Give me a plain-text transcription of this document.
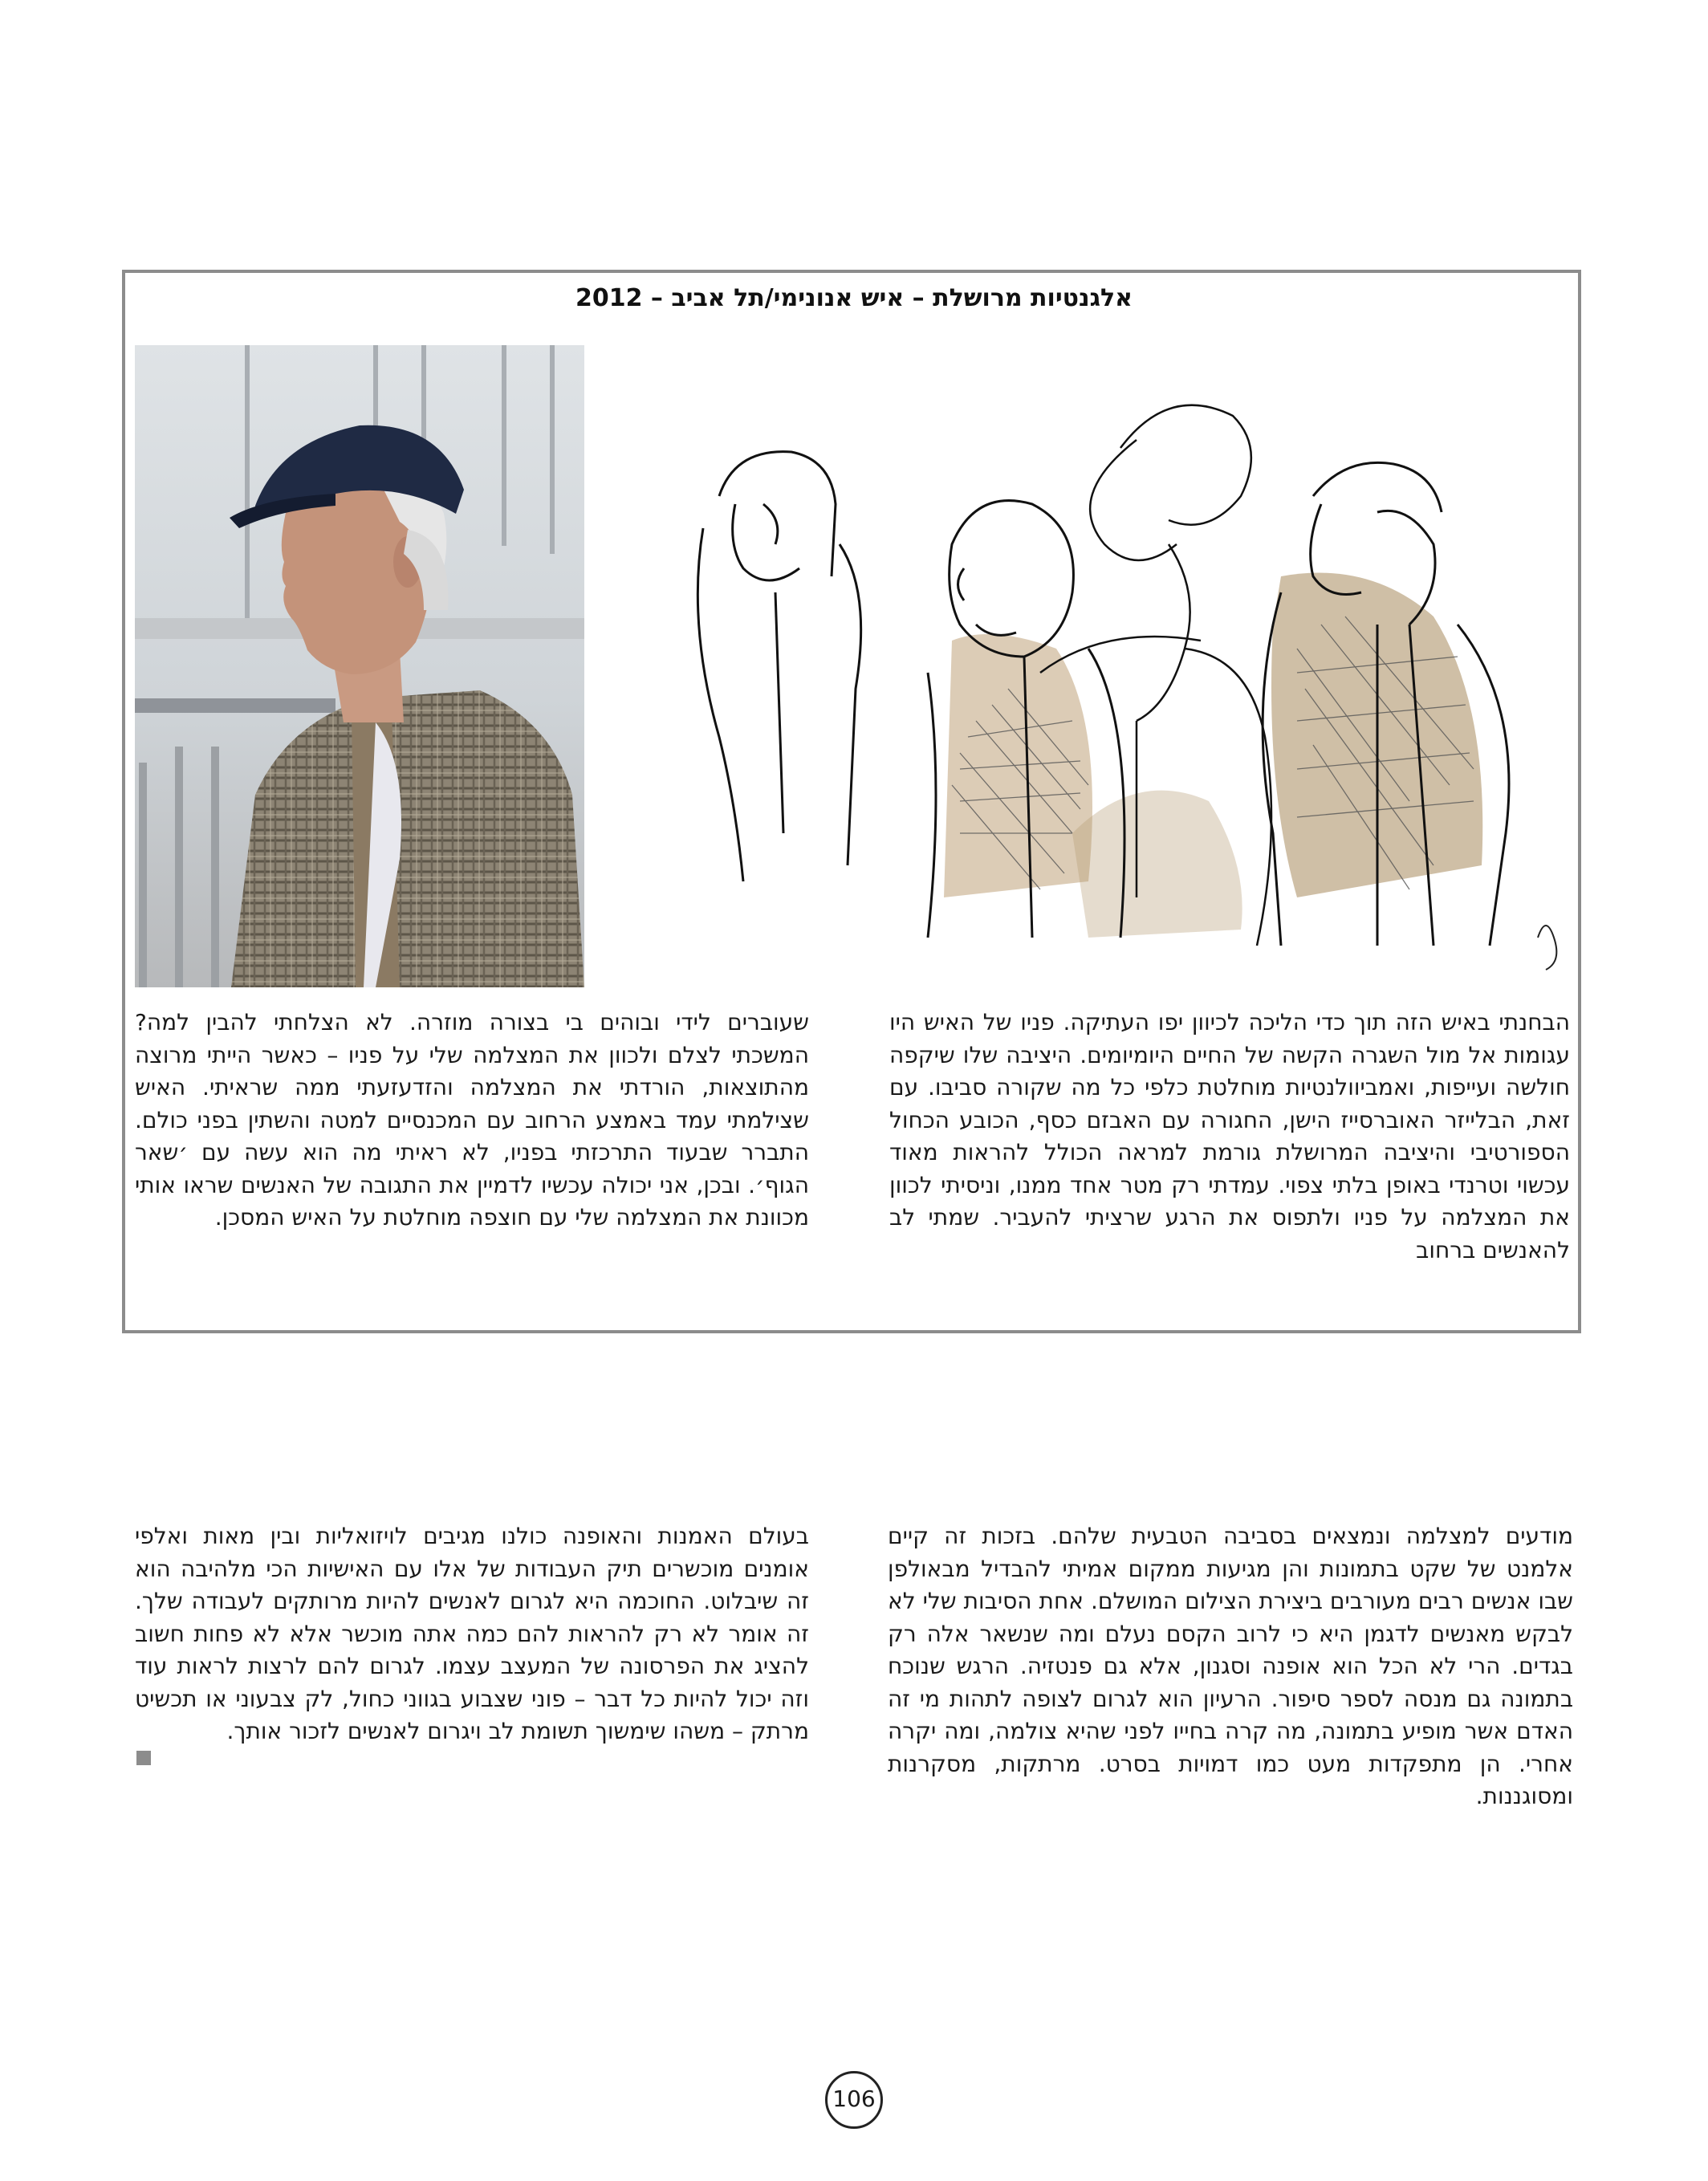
אלגנטיות מרושלת – איש אנונימי/תל אביב – 2012
הבחנתי באיש הזה תוך כדי הליכה לכיוון יפו העתיקה. פניו של האיש היו עגומות אל מול השגרה הקשה של החיים היומיומים. היציבה שלו שיקפה חולשה ועייפות, ואמביוולנטיות מוחלטת כלפי כל מה שקורה סביבו. עם זאת, הבלייזר האוברסייז הישן, החגורה עם האבזם כסף, הכובע הכחול הספורטיבי והיציבה המרושלת גורמת למראה הכולל להראות מאוד עכשוי וטרנדי באופן בלתי צפוי. עמדתי רק מטר אחד ממנו, וניסיתי לכוון את המצלמה על פניו ולתפוס את הרגע שרציתי להעביר. שמתי לב להאנשים ברחוב
שעוברים לידי ובוהים בי בצורה מוזרה. לא הצלחתי להבין למה? המשכתי לצלם ולכוון את המצלמה שלי על פניו – כאשר הייתי מרוצה מהתוצאות, הורדתי את המצלמה והזדעזעתי ממה שראיתי. האיש שצילמתי עמד באמצע הרחוב עם המכנסיים למטה והשתין בפני כולם. התברר שבעוד התרכזתי בפניו, לא ראיתי מה הוא עשה עם ׳שאר הגוף׳. ובכן, אני יכולה עכשיו לדמיין את התגובה של האנשים שראו אותי מכוונת את המצלמה שלי עם חוצפה מוחלטת על האיש המסכן.
מודעים למצלמה ונמצאים בסביבה הטבעית שלהם. בזכות זה קיים אלמנט של שקט בתמונות והן מגיעות ממקום אמיתי להבדיל מבאולפן שבו אנשים רבים מעורבים ביצירת הצילום המושלם. אחת הסיבות שלי לא לבקש מאנשים לדגמן היא כי לרוב הקסם נעלם ומה שנשאר אלה רק בגדים. הרי לא הכל הוא אופנה וסגנון, אלא גם פנטזיה. הרגש שנוכח בתמונה גם מנסה לספר סיפור. הרעיון הוא לגרום לצופה לתהות מי זה האדם אשר מופיע בתמונה, מה קרה בחייו לפני שהיא צולמה, ומה יקרה אחרי. הן מתפקדות מעט כמו דמויות בסרט. מרתקות, מסקרנות ומסוגננות.
בעולם האמנות והאופנה כולנו מגיבים לויזואליות ובין מאות ואלפי אומנים מוכשרים תיק העבודות של אלו עם האישיות הכי מלהיבה הוא זה שיבלוט. החוכמה היא לגרום לאנשים להיות מרותקים לעבודה שלך. זה אומר לא רק להראות להם כמה אתה מוכשר אלא לא פחות חשוב להציג את הפרסונה של המעצב עצמו. לגרום להם לרצות לראות עוד וזה יכול להיות כל דבר – פוני שצבוע בגווני כחול, לק צבעוני או תכשיט מרתק – משהו שימשוך תשומת לב ויגרום לאנשים לזכור אותך.
106
